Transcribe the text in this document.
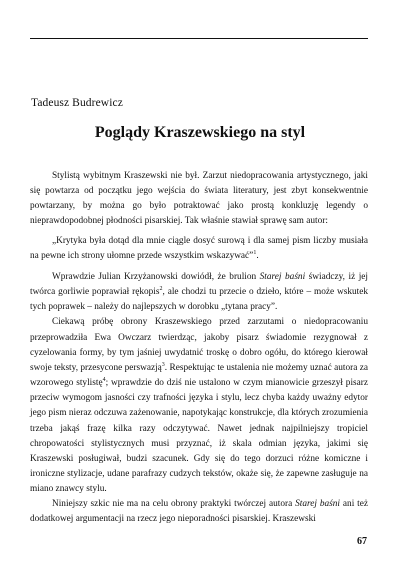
Tadeusz Budrewicz
Poglądy Kraszewskiego na styl

Stylistą wybitnym Kraszewski nie był. Zarzut niedopracowania artystycznego, jaki się powtarza od początku jego wejścia do świata literatury, jest zbyt konsekwentnie powtarzany, by można go było potraktować jako prostą konkluzję legendy o nieprawdopodobnej płodności pisarskiej. Tak właśnie stawiał sprawę sam autor:

„Krytyka była dotąd dla mnie ciągle dosyć surową i dla samej pism liczby musiała na pewne ich strony ułomne przede wszystkim wskazywać”$^1$.

Wprawdzie Julian Krzyżanowski dowiódł, że brulion Starej baśni świadczy, iż jej twórca gorliwie poprawiał rękopis$^2$, ale chodzi tu przecie o dzieło, które – może wskutek tych poprawek – należy do najlepszych w dorobku „tytana pracy”.

Ciekawą próbę obrony Kraszewskiego przed zarzutami o niedopracowaniu przeprowadziła Ewa Owczarz twierdząc, jakoby pisarz świadomie rezygnował z cyzelowania formy, by tym jaśniej uwydatnić troskę o dobro ogółu, do którego kierował swoje teksty, przesycone perswazją$^3$. Respektując te ustalenia nie możemy uznać autora za wzorowego stylistę$^4$; wprawdzie do dziś nie ustalono w czym mianowicie grzeszył pisarz przeciw wymogom jasności czy trafności języka i stylu, lecz chyba każdy uważny edytor jego pism nieraz odczuwa zażenowanie, napotykając konstrukcje, dla których zrozumienia trzeba jakąś frazę kilka razy odczytywać. Nawet jednak najpilniejszy tropiciel chropowatości stylistycznych musi przyznać, iż skala odmian języka, jakimi się Kraszewski posługiwał, budzi szacunek. Gdy się do tego dorzuci różne komiczne i ironiczne stylizacje, udane parafrazy cudzych tekstów, okaże się, że zapewne zasługuje na miano znawcy stylu.

Niniejszy szkic nie ma na celu obrony praktyki twórczej autora Starej baśni ani też dodatkowej argumentacji na rzecz jego nieporadności pisarskiej. Kraszewski

67
